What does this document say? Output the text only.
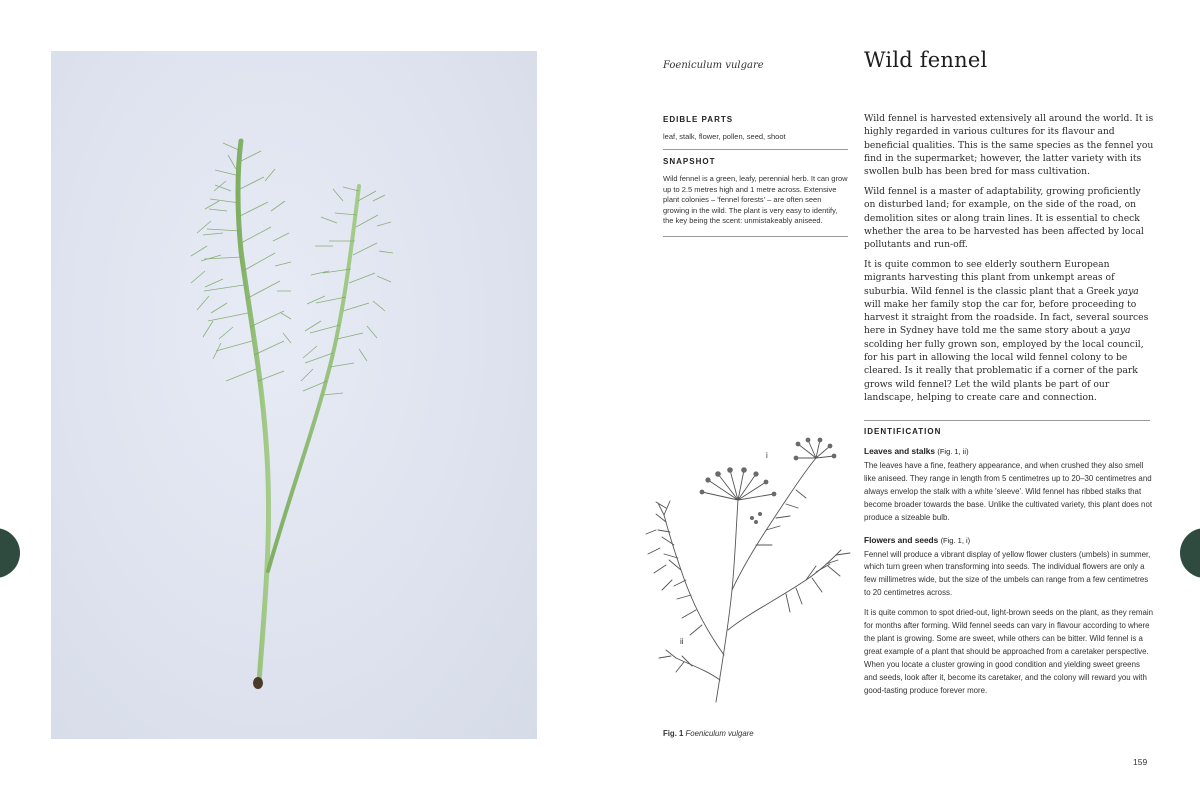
Foeniculum vulgare	Wild fennel
EDIBLE PARTS
leaf, stalk, flower, pollen, seed, shoot
SNAPSHOT
Wild fennel is a green, leafy, perennial herb. It can grow up to 2.5 metres high and 1 metre across. Extensive plant colonies – 'fennel forests' – are often seen growing in the wild. The plant is very easy to identify, the key being the scent: unmistakeably aniseed.

Wild fennel is harvested extensively all around the world. It is highly regarded in various cultures for its flavour and beneficial qualities. This is the same species as the fennel you find in the supermarket; however, the latter variety with its swollen bulb has been bred for mass cultivation.

Wild fennel is a master of adaptability, growing proficiently on disturbed land; for example, on the side of the road, on demolition sites or along train lines. It is essential to check whether the area to be harvested has been affected by local pollutants and run-off.

It is quite common to see elderly southern European migrants harvesting this plant from unkempt areas of suburbia. Wild fennel is the classic plant that a Greek yaya will make her family stop the car for, before proceeding to harvest it straight from the roadside. In fact, several sources here in Sydney have told me the same story about a yaya scolding her fully grown son, employed by the local council, for his part in allowing the local wild fennel colony to be cleared. Is it really that problematic if a corner of the park grows wild fennel? Let the wild plants be part of our landscape, helping to create care and connection.

IDENTIFICATION
Leaves and stalks (Fig. 1, ii)
The leaves have a fine, feathery appearance, and when crushed they also smell like aniseed. They range in length from 5 centimetres up to 20–30 centimetres and always envelop the stalk with a white 'sleeve'. Wild fennel has ribbed stalks that become broader towards the base. Unlike the cultivated variety, this plant does not produce a sizeable bulb.
Flowers and seeds (Fig. 1, i)
Fennel will produce a vibrant display of yellow flower clusters (umbels) in summer, which turn green when transforming into seeds. The individual flowers are only a few millimetres wide, but the size of the umbels can range from a few centimetres to 20 centimetres across.
It is quite common to spot dried-out, light-brown seeds on the plant, as they remain for months after forming. Wild fennel seeds can vary in flavour according to where the plant is growing. Some are sweet, while others can be bitter. Wild fennel is a great example of a plant that should be approached from a caretaker perspective. When you locate a cluster growing in good condition and yielding sweet greens and seeds, look after it, become its caretaker, and the colony will reward you with good-tasting produce forever more.
i
ii
Fig. 1 Foeniculum vulgare
159
